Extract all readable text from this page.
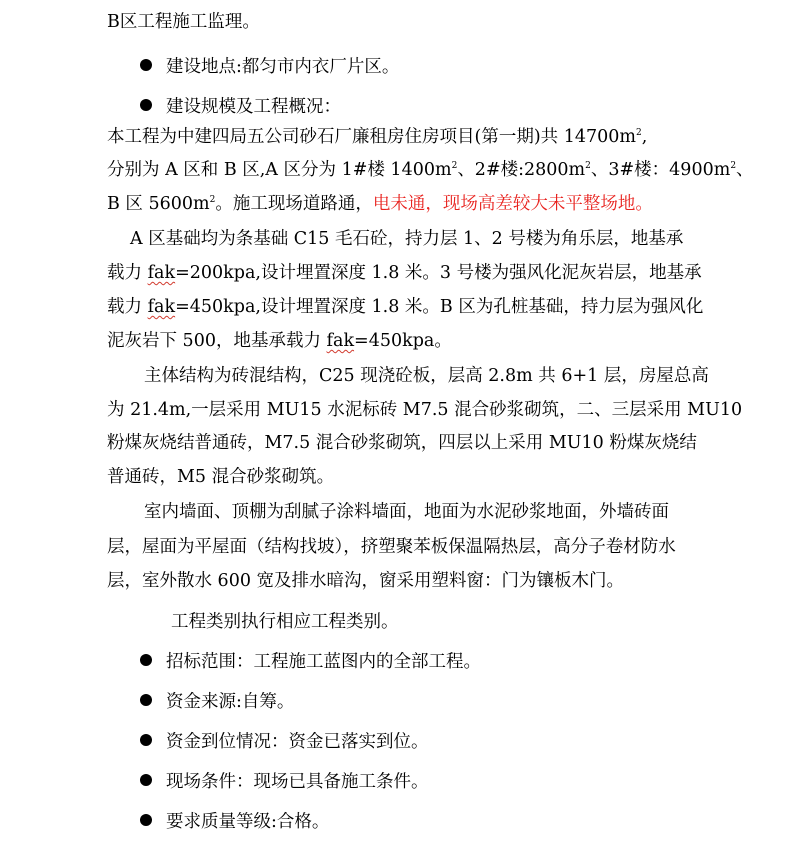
B区工程施工监理。
建设地点:都匀市内衣厂片区。
建设规模及工程概况：
本工程为中建四局五公司砂石厂廉租房住房项目(第一期)共 $14700m^2$,
分别为 A 区和 B 区,A 区分为 1#楼 $1400m^2$、2#楼$:2800m^2$、3#楼：$4900m^2$、
B 区 $5600m^2$。施工现场道路通，电未通，现场高差较大未平整场地。
A 区基础均为条基础 C15 毛石砼，持力层 1、2 号楼为角乐层，地基承
载力 fak=200kpa,设计埋置深度 1.8 米。3 号楼为强风化泥灰岩层，地基承
载力 fak=450kpa,设计埋置深度 1.8 米。B 区为孔桩基础，持力层为强风化
泥灰岩下 500，地基承载力 fak=450kpa。
主体结构为砖混结构，C25 现浇砼板，层高 2.8m 共 6+1 层，房屋总高
为 21.4m,一层采用 MU15 水泥标砖 M7.5 混合砂浆砌筑，二、三层采用 MU10
粉煤灰烧结普通砖，M7.5 混合砂浆砌筑，四层以上采用 MU10 粉煤灰烧结
普通砖，M5 混合砂浆砌筑。
室内墙面、顶棚为刮腻子涂料墙面，地面为水泥砂浆地面，外墙砖面
层，屋面为平屋面（结构找坡），挤塑聚苯板保温隔热层，高分子卷材防水
层，室外散水 600 宽及排水暗沟，窗采用塑料窗：门为镶板木门。
工程类别执行相应工程类别。
招标范围：工程施工蓝图内的全部工程。
资金来源:自筹。
资金到位情况：资金已落实到位。
现场条件：现场已具备施工条件。
要求质量等级:合格。
